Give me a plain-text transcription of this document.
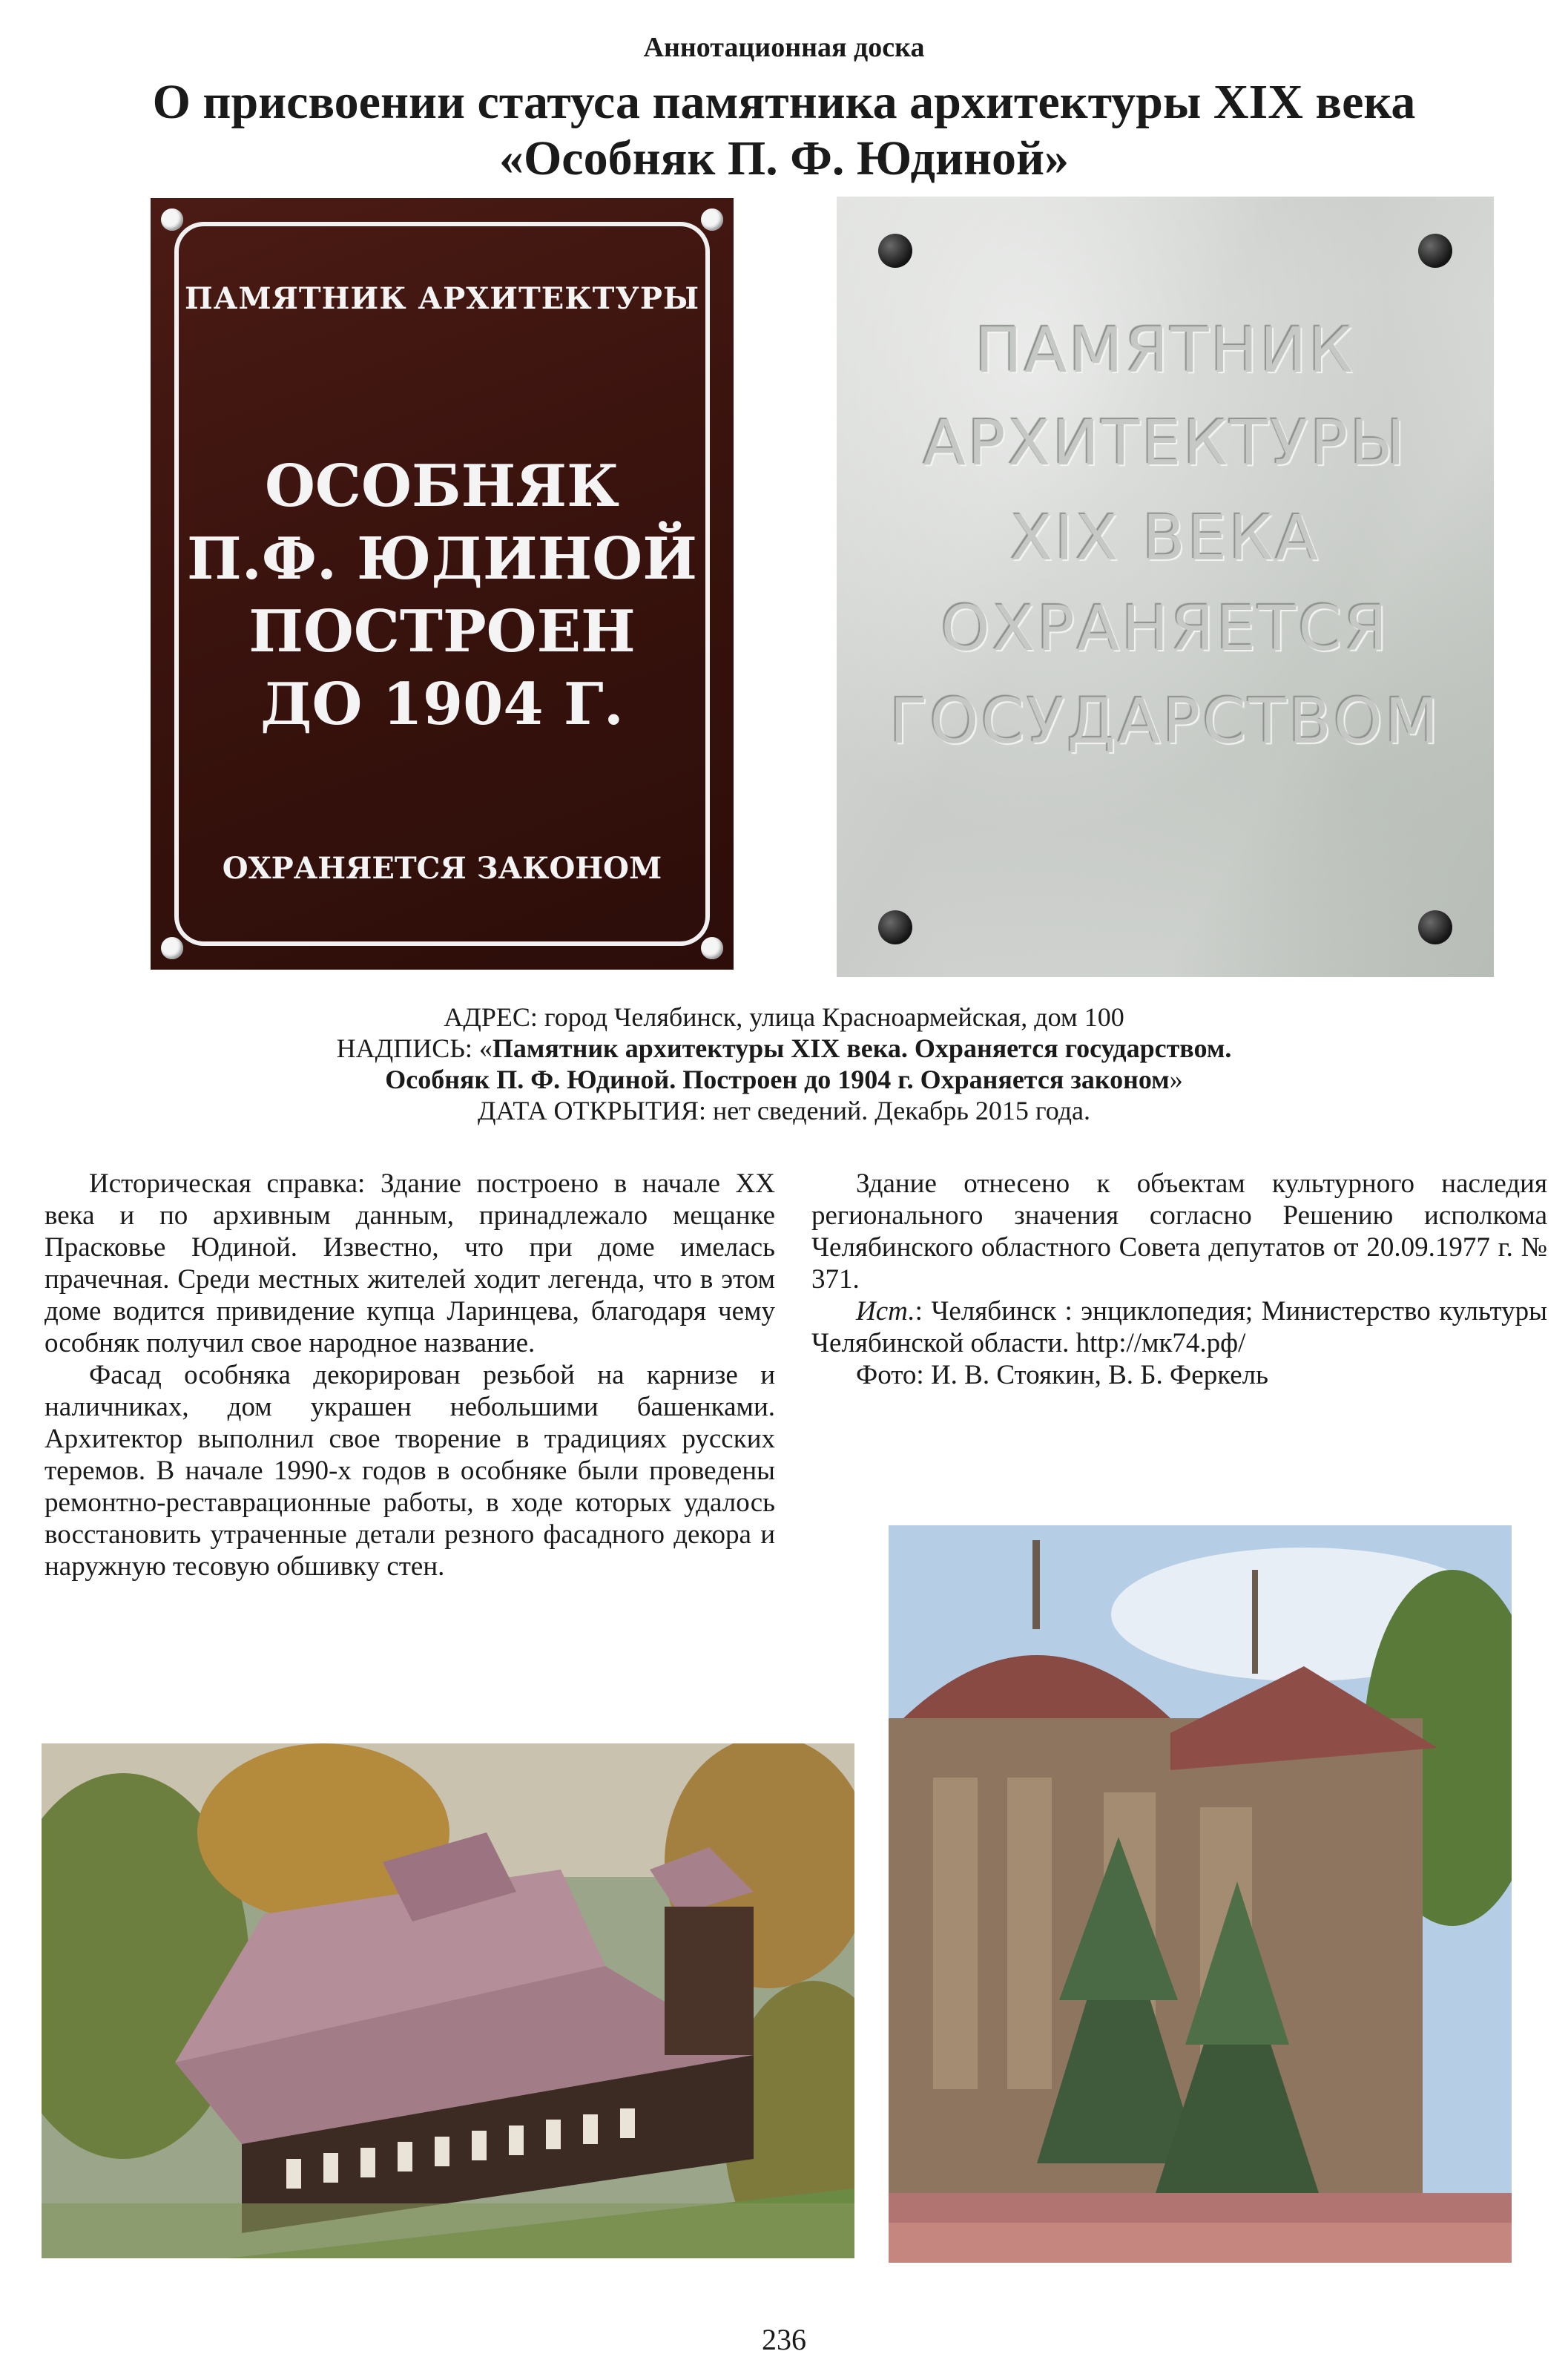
Аннотационная доска
О присвоении статуса памятника архитектуры XIX века
«Особняк П. Ф. Юдиной»
ПАМЯТНИК АРХИТЕКТУРЫ
ОСОБНЯК
П.Ф. ЮДИНОЙ
ПОСТРОЕН
ДО 1904 Г.
ОХРАНЯЕТСЯ ЗАКОНОМ
ПАМЯТНИК
АРХИТЕКТУРЫ
XIX ВЕКА
ОХРАНЯЕТСЯ
ГОСУДАРСТВОМ
АДРЕС: город Челябинск, улица Красноармейская, дом 100
НАДПИСЬ: «Памятник архитектуры XIX века. Охраняется государством.
Особняк П. Ф. Юдиной. Построен до 1904 г. Охраняется законом»
ДАТА ОТКРЫТИЯ: нет сведений. Декабрь 2015 года.

Историческая справка: Здание построено в начале XX века и по архивным данным, принадлежало мещанке Прасковье Юдиной. Известно, что при доме имелась прачечная. Среди местных жителей ходит легенда, что в этом доме водится привидение купца Ларинцева, благодаря чему особняк получил свое народное название.

Фасад особняка декорирован резьбой на карнизе и наличниках, дом украшен небольшими башенками. Архитектор выполнил свое творение в традициях русских теремов. В начале 1990-х годов в особняке были проведены ремонтно-реставрационные работы, в ходе которых удалось восстановить утраченные детали резного фасадного декора и наружную тесовую обшивку стен.

Здание отнесено к объектам культурного наследия регионального значения согласно Решению исполкома Челябинского областного Совета депутатов от 20.09.1977 г. № 371.

Ист.: Челябинск : энциклопедия; Министерство культуры Челябинской области. http://мк74.рф/

Фото: И. В. Стоякин, В. Б. Феркель

236
